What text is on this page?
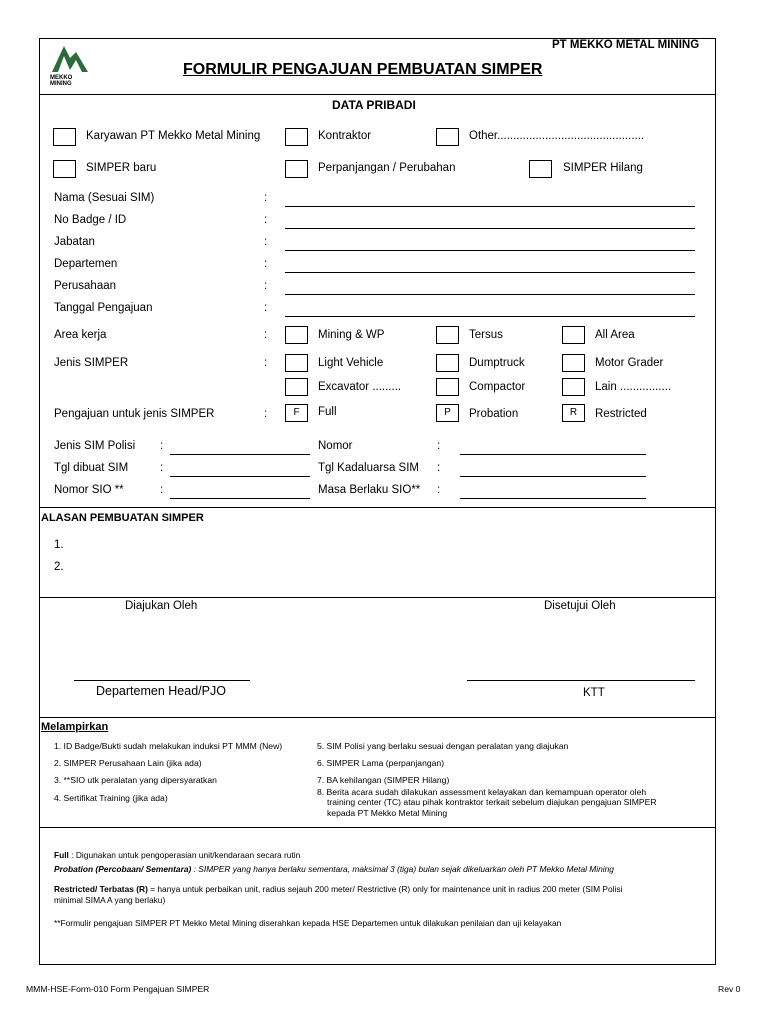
MEKKO
MINING
PT MEKKO METAL MINING
FORMULIR PENGAJUAN PEMBUATAN SIMPER
DATA PRIBADI
Karyawan PT Mekko Metal Mining	Kontraktor	Other..............................................
SIMPER baru	Perpanjangan / Perubahan	SIMPER Hilang
Nama (Sesuai SIM)	:
No Badge / ID	:
Jabatan	:
Departemen	:
Perusahaan	:
Tanggal Pengajuan	:
Area kerja	:	Mining & WP	Tersus	All Area
Jenis SIMPER	:	Light Vehicle	Dumptruck	Motor Grader
Excavator .........	Compactor	Lain ................
Pengajuan untuk jenis SIMPER	:	F	Full	P	Probation	R	Restricted
Jenis SIM Polisi :	Nomor	:
Tgl dibuat SIM	:	Tgl Kadaluarsa SIM :
Nomor SIO **	:	Masa Berlaku SIO** :
ALASAN PEMBUATAN SIMPER
1.
2.
Diajukan Oleh	Disetujui Oleh
Departemen Head/PJO	KTT
Melampirkan
1. ID Badge/Bukti sudah melakukan induksi PT MMM (New)
2. SIMPER Perusahaan Lain (jika ada)
3. **SIO utk peralatan yang dipersyaratkan
4. Sertifikat Training (jika ada)
5. SIM Polisi yang berlaku sesuai dengan peralatan yang diajukan
6. SIMPER Lama (perpanjangan)
7. BA kehilangan (SIMPER Hilang)
8. Berita acara sudah dilakukan assessment kelayakan dan kemampuan operator oleh
training center (TC) atau pihak kontraktor terkait sebelum diajukan pengajuan SIMPER
kepada PT Mekko Metal Mining
Full : Digunakan untuk pengoperasian unit/kendaraan secara rutin
Probation (Percobaan/ Sementara) : SIMPER yang hanya berlaku sementara, maksimal 3 (tiga) bulan sejak dikeluarkan oleh PT Mekko Metal Mining
Restricted/ Terbatas (R) = hanya untuk perbaikan unit, radius sejauh 200 meter/ Restrictive (R) only for maintenance unit in radius 200 meter (SIM Polisi
minimal SIMA A yang berlaku)
**Formulir pengajuan SIMPER PT Mekko Metal Mining diserahkan kepada HSE Departemen untuk dilakukan penilaian dan uji kelayakan
MMM-HSE-Form-010 Form Pengajuan SIMPER	Rev 0
